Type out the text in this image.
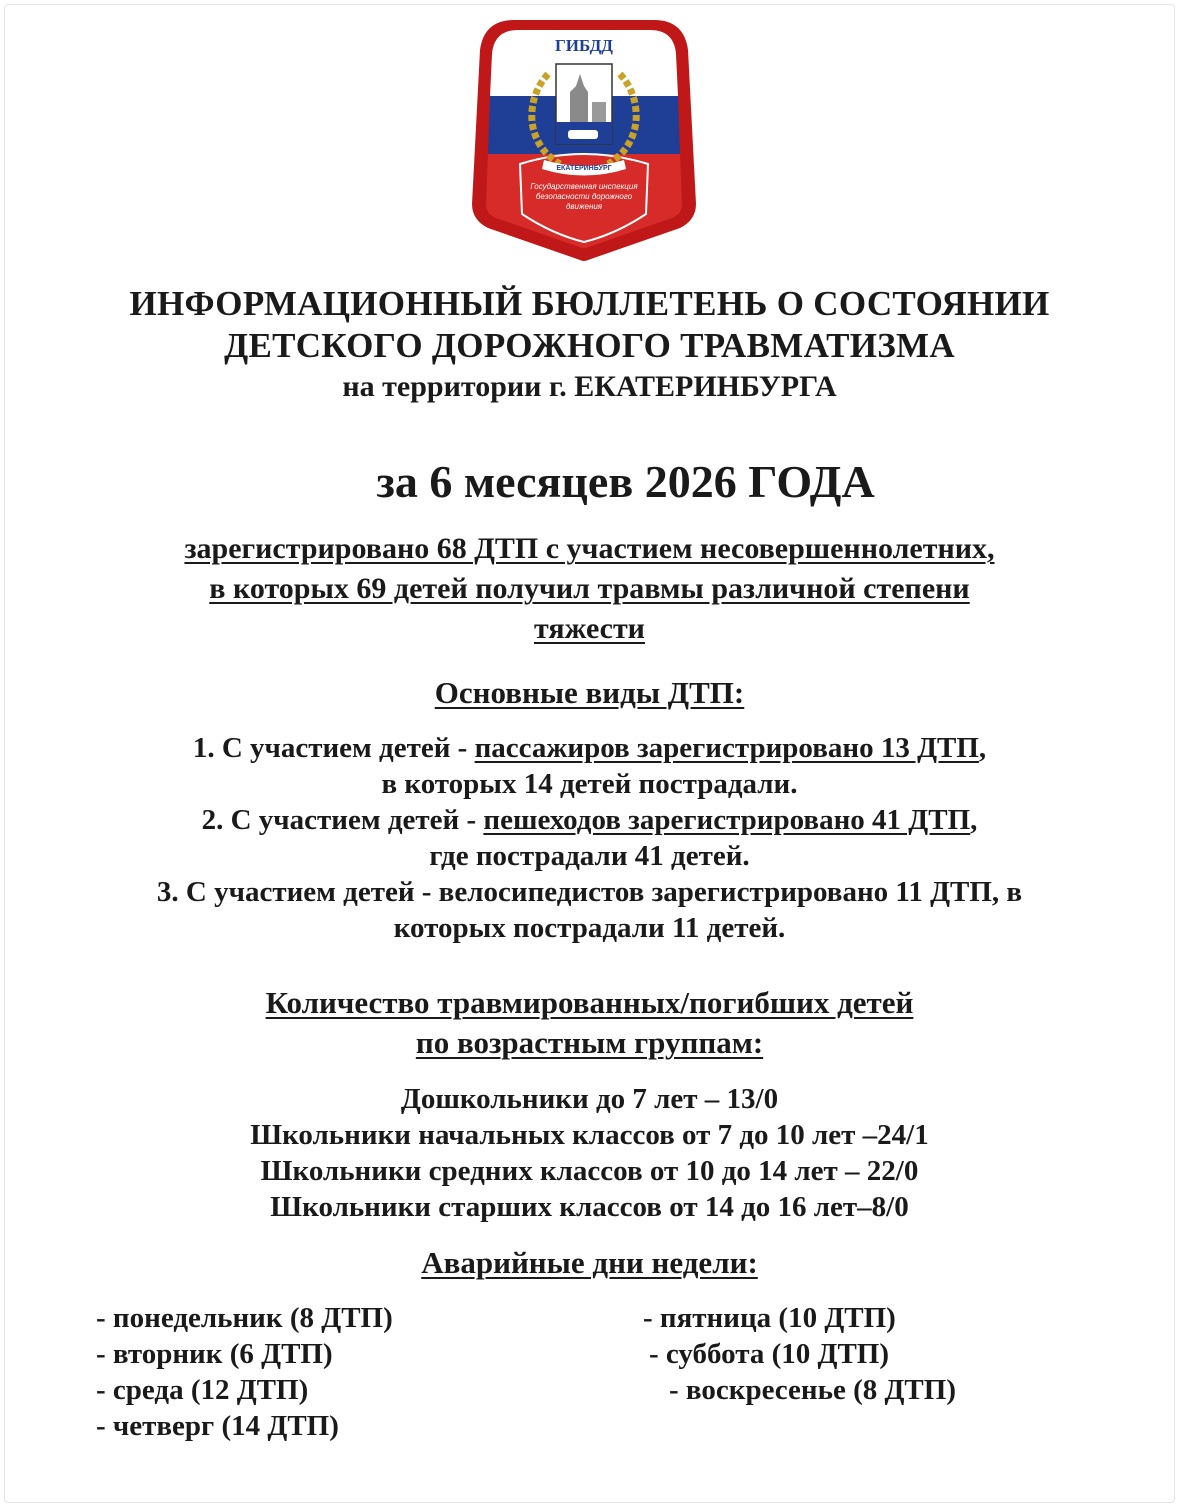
ГИБДД
ЕКАТЕРИНБУРГ
Государственная инспекция безопасности дорожного движения
ИНФОРМАЦИОННЫЙ БЮЛЛЕТЕНЬ О СОСТОЯНИИ
ДЕТСКОГО ДОРОЖНОГО ТРАВМАТИЗМА
на территории г. ЕКАТЕРИНБУРГА
за 6 месяцев 2026 ГОДА
зарегистрировано 68 ДТП с участием несовершеннолетних,
в которых 69 детей получил травмы различной степени
тяжести
Основные виды ДТП:
1. С участием детей - пассажиров зарегистрировано 13 ДТП,
в которых 14 детей пострадали.
2. С участием детей - пешеходов зарегистрировано 41 ДТП,
где пострадали 41 детей.
3. С участием детей - велосипедистов зарегистрировано 11 ДТП, в
которых пострадали 11 детей.
Количество травмированных/погибших детей
по возрастным группам:
Дошкольники до 7 лет – 13/0
Школьники начальных классов от 7 до 10 лет –24/1
Школьники средних классов от 10 до 14 лет – 22/0
Школьники старших классов от 14 до 16 лет–8/0
Аварийные дни недели:
- понедельник (8 ДТП)
- вторник (6 ДТП)
- среда (12 ДТП)
- четверг (14 ДТП)
- пятница (10 ДТП)
- суббота (10 ДТП)
- воскресенье (8 ДТП)
